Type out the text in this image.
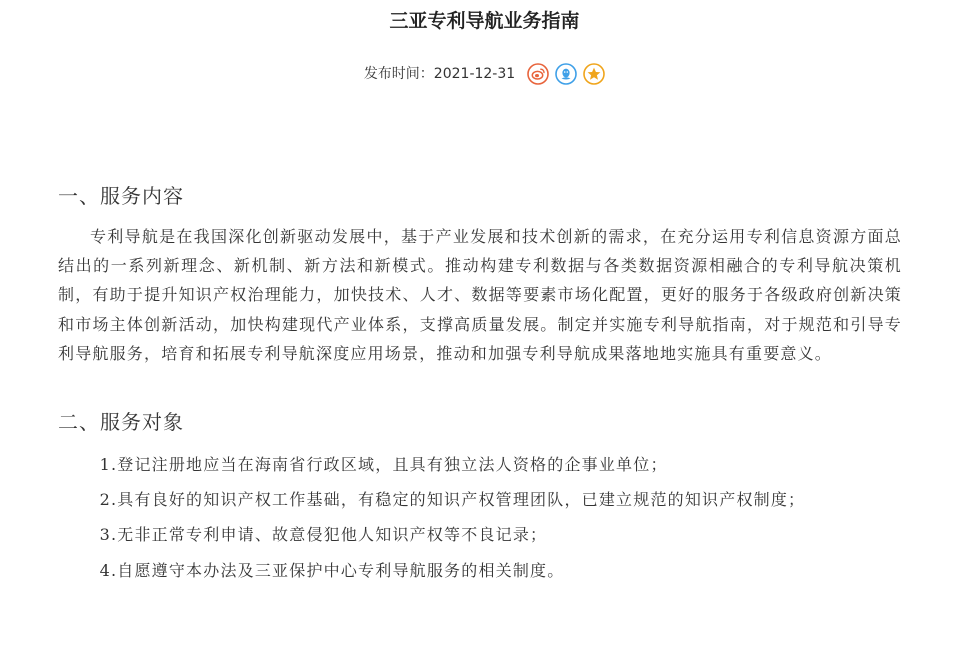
三亚专利导航业务指南
发布时间：2021-12-31
一、服务内容

专利导航是在我国深化创新驱动发展中，基于产业发展和技术创新的需求，在充分运用专利信息资源方面总结出的一系列新理念、新机制、新方法和新模式。推动构建专利数据与各类数据资源相融合的专利导航决策机制，有助于提升知识产权治理能力，加快技术、人才、数据等要素市场化配置，更好的服务于各级政府创新决策和市场主体创新活动，加快构建现代产业体系，支撑高质量发展。制定并实施专利导航指南，对于规范和引导专利导航服务，培育和拓展专利导航深度应用场景，推动和加强专利导航成果落地地实施具有重要意义。

二、服务对象

1.登记注册地应当在海南省行政区域，且具有独立法人资格的企事业单位；

2.具有良好的知识产权工作基础，有稳定的知识产权管理团队，已建立规范的知识产权制度；

3.无非正常专利申请、故意侵犯他人知识产权等不良记录；

4.自愿遵守本办法及三亚保护中心专利导航服务的相关制度。
